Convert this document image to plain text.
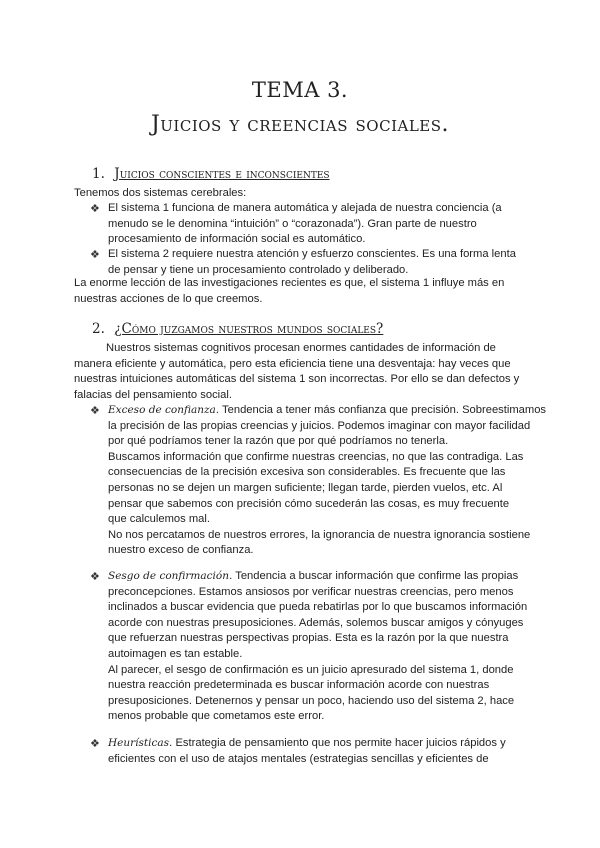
TEMA 3.
Juicios y creencias sociales.
1. Juicios conscientes e inconscientes
Tenemos dos sistemas cerebrales:
❖ El sistema 1 funciona de manera automática y alejada de nuestra conciencia (a

menudo se le denomina “intuición” o “corazonada”). Gran parte de nuestro

procesamiento de información social es automático.

❖ El sistema 2 requiere nuestra atención y esfuerzo conscientes. Es una forma lenta

de pensar y tiene un procesamiento controlado y deliberado.

La enorme lección de las investigaciones recientes es que, el sistema 1 influye más en

nuestras acciones de lo que creemos.

2. ¿Cómo juzgamos nuestros mundos sociales?

Nuestros sistemas cognitivos procesan enormes cantidades de información de

manera eficiente y automática, pero esta eficiencia tiene una desventaja: hay veces que

nuestras intuiciones automáticas del sistema 1 son incorrectas. Por ello se dan defectos y

falacias del pensamiento social.

❖ Exceso de confianza. Tendencia a tener más confianza que precisión. Sobreestimamos

la precisión de las propias creencias y juicios. Podemos imaginar con mayor facilidad

por qué podríamos tener la razón que por qué podríamos no tenerla.

Buscamos información que confirme nuestras creencias, no que las contradiga. Las

consecuencias de la precisión excesiva son considerables. Es frecuente que las

personas no se dejen un margen suficiente; llegan tarde, pierden vuelos, etc. Al

pensar que sabemos con precisión cómo sucederán las cosas, es muy frecuente

que calculemos mal.

No nos percatamos de nuestros errores, la ignorancia de nuestra ignorancia sostiene

nuestro exceso de confianza.

❖ Sesgo de confirmación. Tendencia a buscar información que confirme las propias

preconcepciones. Estamos ansiosos por verificar nuestras creencias, pero menos

inclinados a buscar evidencia que pueda rebatirlas por lo que buscamos información

acorde con nuestras presuposiciones. Además, solemos buscar amigos y cónyuges

que refuerzan nuestras perspectivas propias. Esta es la razón por la que nuestra

autoimagen es tan estable.

Al parecer, el sesgo de confirmación es un juicio apresurado del sistema 1, donde

nuestra reacción predeterminada es buscar información acorde con nuestras

presuposiciones. Detenernos y pensar un poco, haciendo uso del sistema 2, hace

menos probable que cometamos este error.

❖ Heurísticas. Estrategia de pensamiento que nos permite hacer juicios rápidos y

eficientes con el uso de atajos mentales (estrategias sencillas y eficientes de
